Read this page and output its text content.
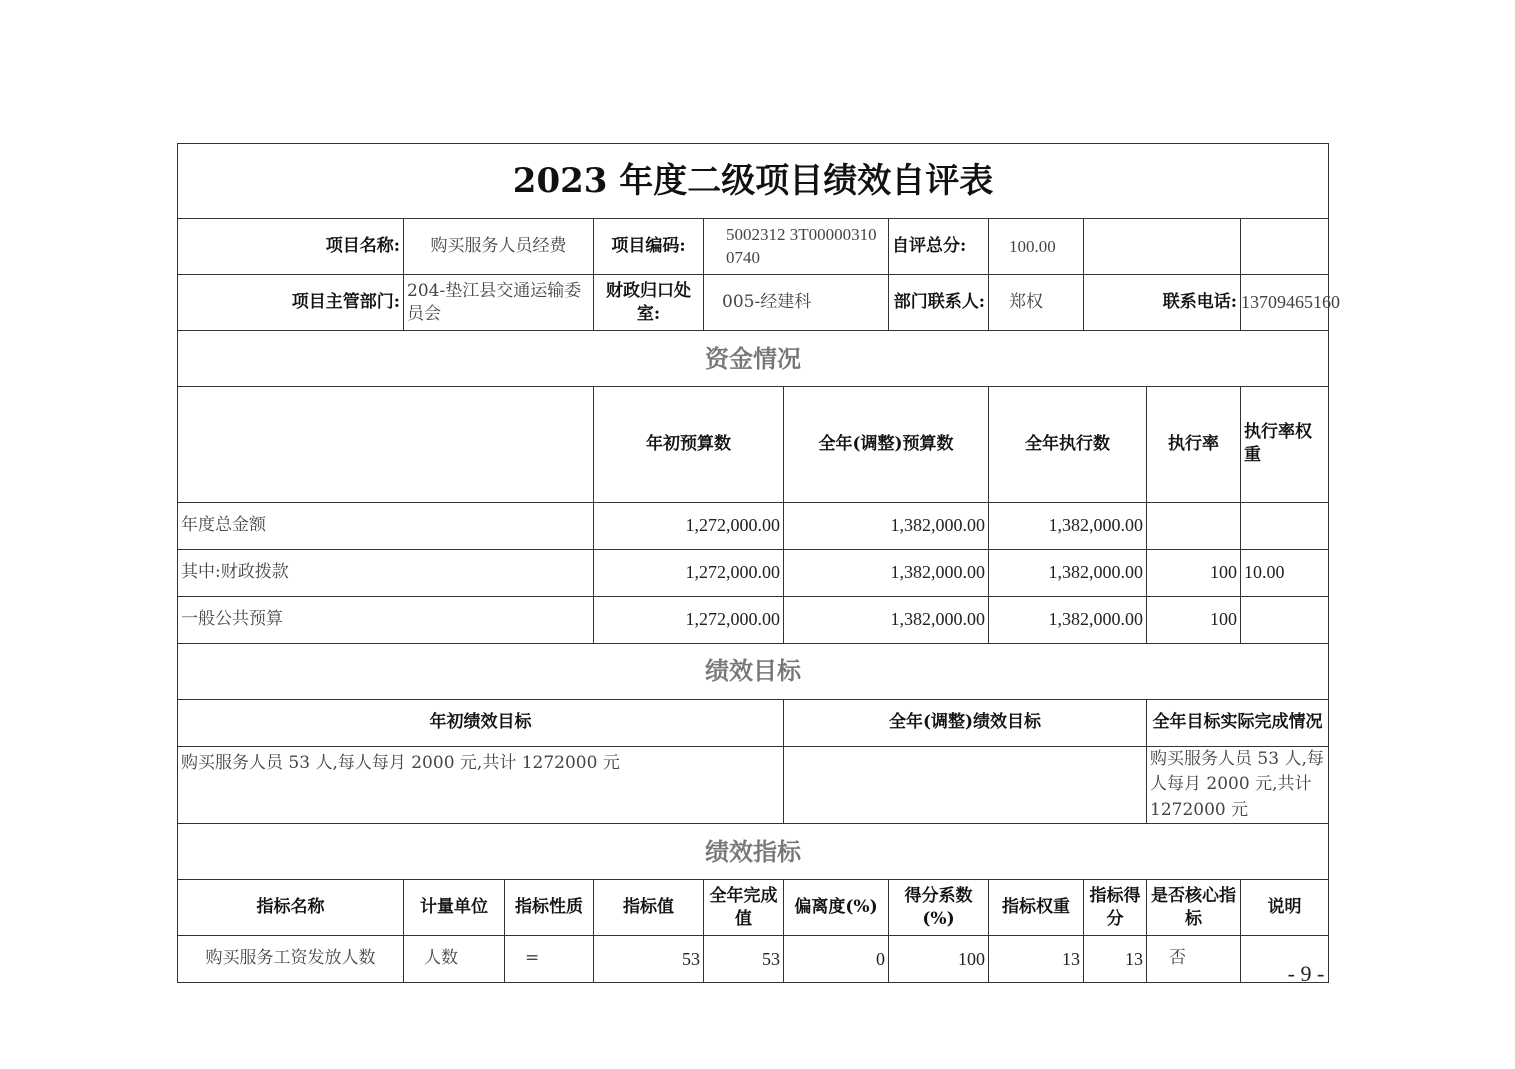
2023 年度二级项目绩效自评表											
项目名称:	购买服务人员经费		项目编码:	5002312 3T000003100740		自评总分:	100.00				
项目主管部门:	204-垫江县交通运输委员会		财政归口处室:	005-经建科		部门联系人:	郑权	联系电话:		13709465160	
资金情况											
			年初预算数		全年(调整)预算数		全年执行数		执行率	执行率权重	
年度总金额			1,272,000.00		1,382,000.00		1,382,000.00				
其中:财政拨款			1,272,000.00		1,382,000.00		1,382,000.00		100	10.00	
一般公共预算			1,272,000.00		1,382,000.00		1,382,000.00		100		
绩效目标											
年初绩效目标					全年(调整)绩效目标				全年目标实际完成情况		
购买服务人员 53 人,每人每月 2000 元,共计 1272000 元									购买服务人员 53 人,每人每月 2000 元,共计 1272000 元		
绩效指标											
指标名称	计量单位	指标性质	指标值	全年完成值	偏离度(%)	得分系数(%)	指标权重	指标得分	是否核心指标	说明	
购买服务工资发放人数	人数	=	53	53	0	100	13	13	否		
- 9 -
